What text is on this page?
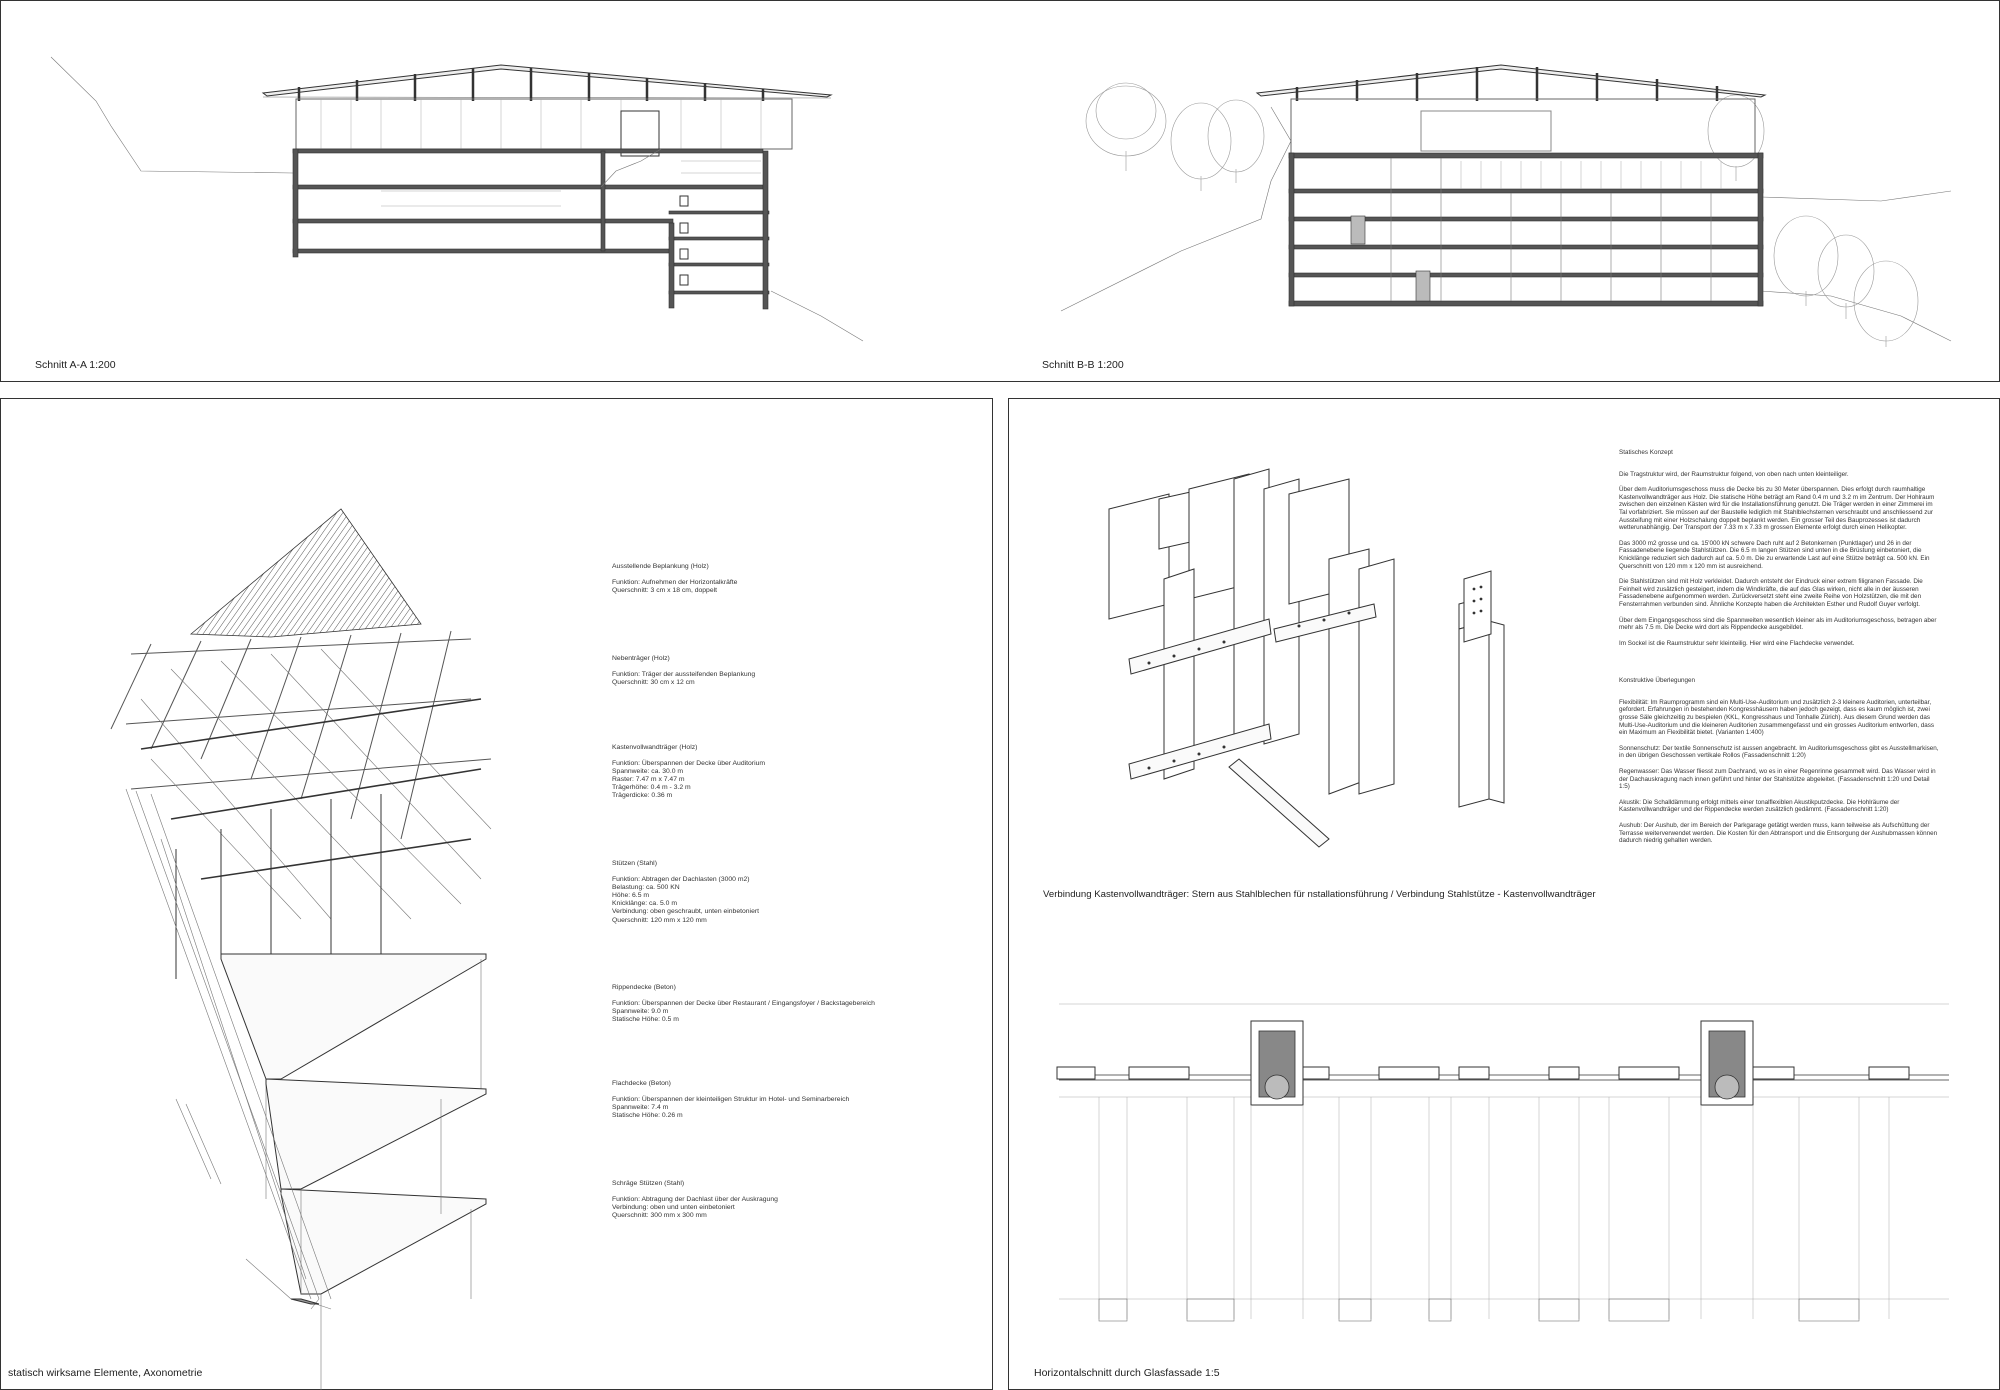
Schnitt A-A 1:200	Schnitt B-B 1:200
Ausstellende Beplankung (Holz)
Funktion: Aufnehmen der Horizontalkräfte
Querschnitt: 3 cm x 18 cm, doppelt
Nebenträger (Holz)
Funktion: Träger der aussteifenden Beplankung
Querschnitt: 30 cm x 12 cm
Kastenvollwandträger (Holz)
Funktion: Überspannen der Decke über Auditorium
Spannweite: ca. 30.0 m
Raster: 7.47 m x 7.47 m
Trägerhöhe: 0.4 m - 3.2 m
Trägerdicke: 0.36 m
Stützen (Stahl)
Funktion: Abtragen der Dachlasten (3000 m2)
Belastung: ca. 500 KN
Höhe: 6.5 m
Knicklänge: ca. 5.0 m
Verbindung: oben geschraubt, unten einbetoniert
Querschnitt: 120 mm x 120 mm
Rippendecke (Beton)
Funktion: Überspannen der Decke über Restaurant / Eingangsfoyer / Backstagebereich
Spannweite: 9.0 m
Statische Höhe: 0.5 m
Flachdecke (Beton)
Funktion: Überspannen der kleinteiligen Struktur im Hotel- und Seminarbereich
Spannweite: 7.4 m
Statische Höhe: 0.26 m
Schräge Stützen (Stahl)
Funktion: Abtragung der Dachlast über der Auskragung
Verbindung: oben und unten einbetoniert
Querschnitt: 300 mm x 300 mm
statisch wirksame Elemente, Axonometrie
Verbindung Kastenvollwandträger: Stern aus Stahlblechen für nstallationsführung / Verbindung Stahlstütze - Kastenvollwandträger
Statisches Konzept

Die Tragstruktur wird, der Raumstruktur folgend, von oben nach unten kleinteiliger.

Über dem Auditoriumsgeschoss muss die Decke bis zu 30 Meter überspannen. Dies erfolgt durch raumhaltige Kastenvollwandträger aus Holz. Die statische Höhe beträgt am Rand 0.4 m und 3.2 m im Zentrum. Der Hohlraum zwischen den einzelnen Kästen wird für die Installationsführung genutzt. Die Träger werden in einer Zimmerei im Tal vorfabriziert. Sie müssen auf der Baustelle lediglich mit Stahlblechsternen verschraubt und anschliessend zur Aussteifung mit einer Holzschalung doppelt beplankt werden. Ein grosser Teil des Bauprozesses ist dadurch wetterunabhängig. Der Transport der 7.33 m x 7.33 m grossen Elemente erfolgt durch einen Helikopter.

Das 3000 m2 grosse und ca. 15'000 kN schwere Dach ruht auf 2 Betonkernen (Punktlager) und 26 in der Fassadenebene liegende Stahlstützen. Die 6.5 m langen Stützen sind unten in die Brüstung einbetoniert, die Knicklänge reduziert sich dadurch auf ca. 5.0 m. Die zu erwartende Last auf eine Stütze beträgt ca. 500 kN. Ein Querschnitt von 120 mm x 120 mm ist ausreichend.

Die Stahlstützen sind mit Holz verkleidet. Dadurch entsteht der Eindruck einer extrem filigranen Fassade. Die Feinheit wird zusätzlich gesteigert, indem die Windkräfte, die auf das Glas wirken, nicht alle in der äusseren Fassadenebene aufgenommen werden. Zurückversetzt steht eine zweite Reihe von Holzstützen, die mit den Fensterrahmen verbunden sind. Ähnliche Konzepte haben die Architekten Esther und Rudolf Guyer verfolgt.

Über dem Eingangsgeschoss sind die Spannweiten wesentlich kleiner als im Auditoriumsgeschoss, betragen aber mehr als 7.5 m. Die Decke wird dort als Rippendecke ausgebildet.

Im Sockel ist die Raumstruktur sehr kleinteilig. Hier wird eine Flachdecke verwendet.

Konstruktive Überlegungen

Flexibilität: Im Raumprogramm sind ein Multi-Use-Auditorium und zusätzlich 2-3 kleinere Auditorien, unterteilbar, gefordert. Erfahrungen in bestehenden Kongresshäusern haben jedoch gezeigt, dass es kaum möglich ist, zwei grosse Säle gleichzeitig zu bespielen (KKL, Kongresshaus und Tonhalle Zürich). Aus diesem Grund werden das Multi-Use-Auditorium und die kleineren Auditorien zusammengefasst und ein grosses Auditorium entworfen, dass ein Maximum an Flexibilität bietet. (Varianten 1:400)

Sonnenschutz: Der textile Sonnenschutz ist aussen angebracht. Im Auditoriumsgeschoss gibt es Ausstellmarkisen, in den übrigen Geschossen vertikale Rollos (Fassadenschnitt 1:20)

Regenwasser: Das Wasser fliesst zum Dachrand, wo es in einer Regenrinne gesammelt wird. Das Wasser wird in der Dachauskragung nach innen geführt und hinter der Stahlstütze abgeleitet. (Fassadenschnitt 1:20 und Detail 1:5)

Akustik: Die Schalldämmung erfolgt mittels einer tonalflexiblen Akustikputzdecke. Die Hohlräume der Kastenvollwandträger und der Rippendecke werden zusätzlich gedämmt. (Fassadenschnitt 1:20)

Aushub: Der Aushub, der im Bereich der Parkgarage getätigt werden muss, kann teilweise als Aufschüttung der Terrasse weiterverwendet werden. Die Kosten für den Abtransport und die Entsorgung der Aushubmassen können dadurch niedrig gehalten werden.

Horizontalschnitt durch Glasfassade 1:5
